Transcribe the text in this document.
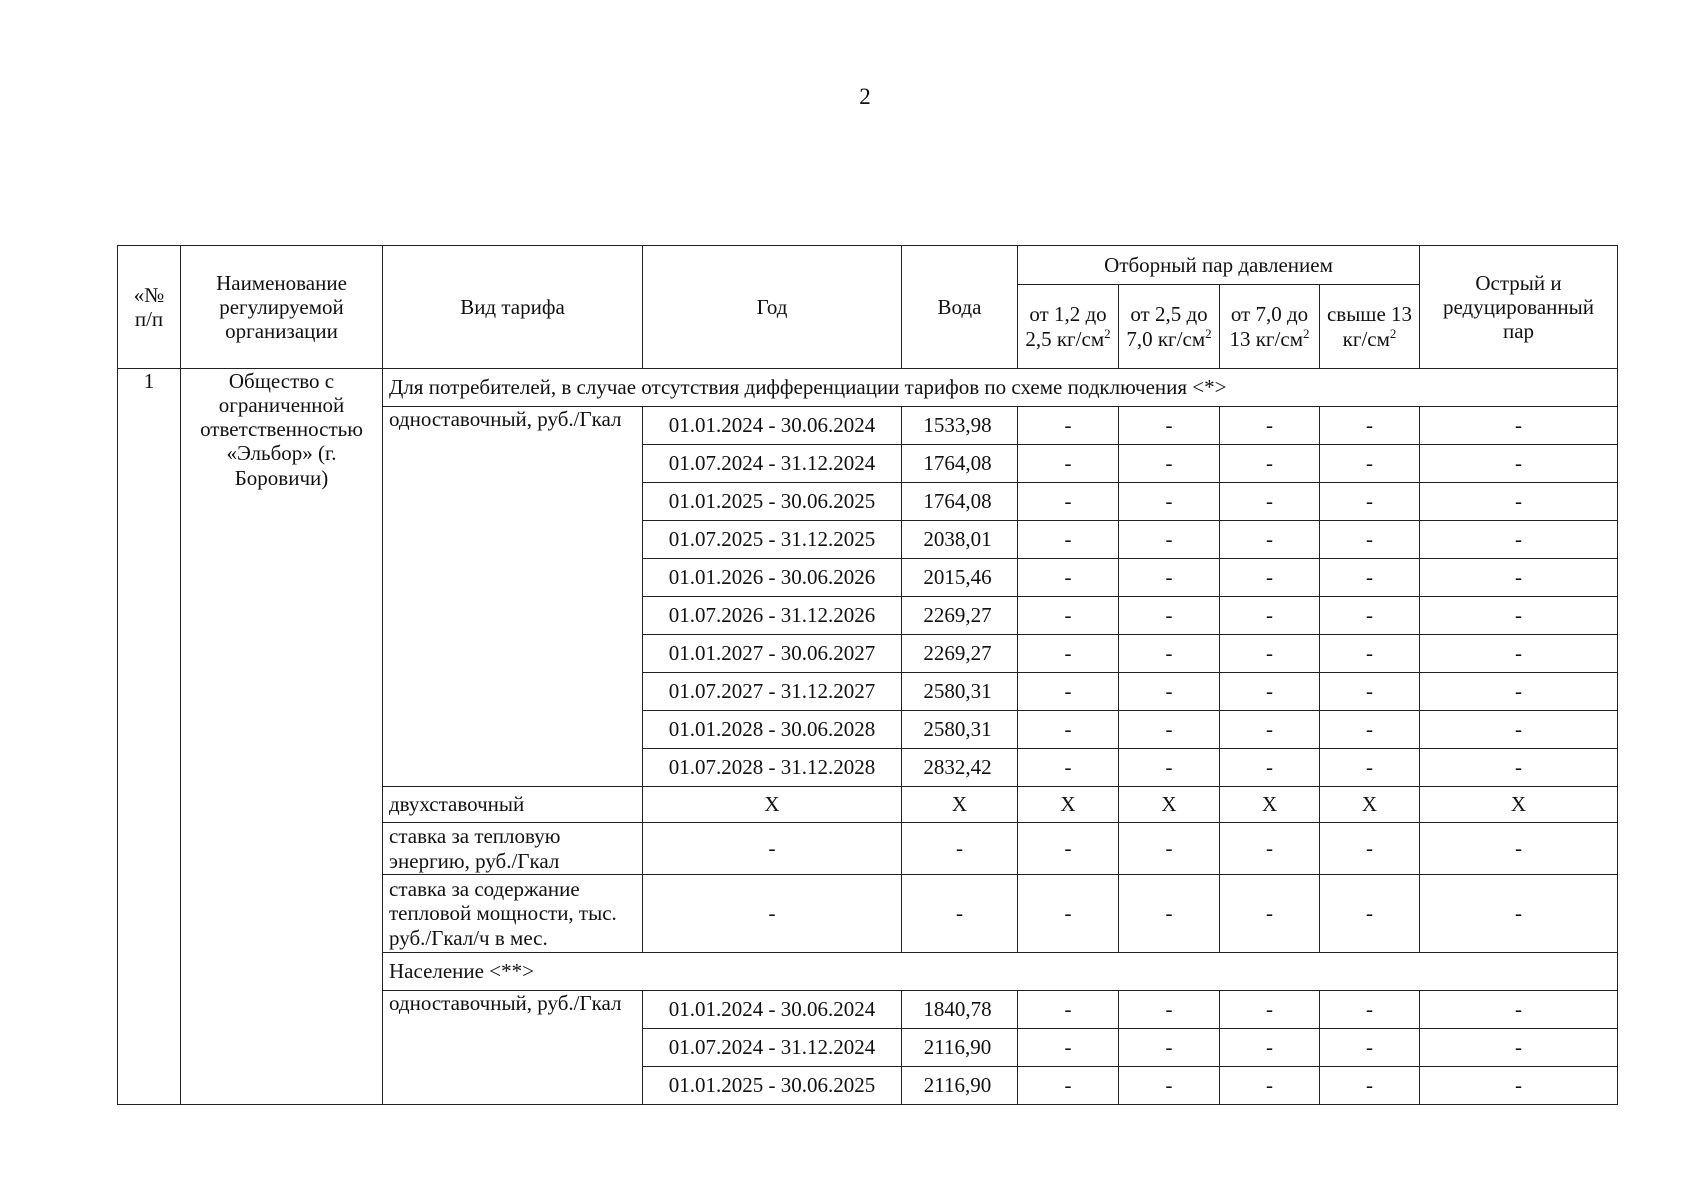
2
«№ п/п	Наименование регулируемой организации	Вид тарифа	Год	Вода	Отборный пар давлением				Острый и редуцированный пар
					от 1,2 до 2,5 $кг/см^2$	от 2,5 до 7,0 $кг/см^2$	от 7,0 до 13 $кг/см^2$	свыше 13 $кг/см^2$
1	Общество с ограниченной ответственностью «Эльбор» (г. Боровичи)	Для потребителей, в случае отсутствия дифференциации тарифов по схеме подключения <*>							
		одноставочный, руб./Гкал	01.01.2024 - 30.06.2024	1533,98	-	-	-	-	-
			01.07.2024 - 31.12.2024	1764,08	-	-	-	-	-
			01.01.2025 - 30.06.2025	1764,08	-	-	-	-	-
			01.07.2025 - 31.12.2025	2038,01	-	-	-	-	-
			01.01.2026 - 30.06.2026	2015,46	-	-	-	-	-
			01.07.2026 - 31.12.2026	2269,27	-	-	-	-	-
			01.01.2027 - 30.06.2027	2269,27	-	-	-	-	-
			01.07.2027 - 31.12.2027	2580,31	-	-	-	-	-
			01.01.2028 - 30.06.2028	2580,31	-	-	-	-	-
			01.07.2028 - 31.12.2028	2832,42	-	-	-	-	-
		двухставочный	Х	Х	Х	Х	Х	Х	Х
		ставка за тепловую энергию, руб./Гкал	-	-	-	-	-	-	-
		ставка за содержание тепловой мощности, тыс. руб./Гкал/ч в мес.	-	-	-	-	-	-	-
		Население <**>							
		одноставочный, руб./Гкал	01.01.2024 - 30.06.2024	1840,78	-	-	-	-	-
			01.07.2024 - 31.12.2024	2116,90	-	-	-	-	-
			01.01.2025 - 30.06.2025	2116,90	-	-	-	-	-
